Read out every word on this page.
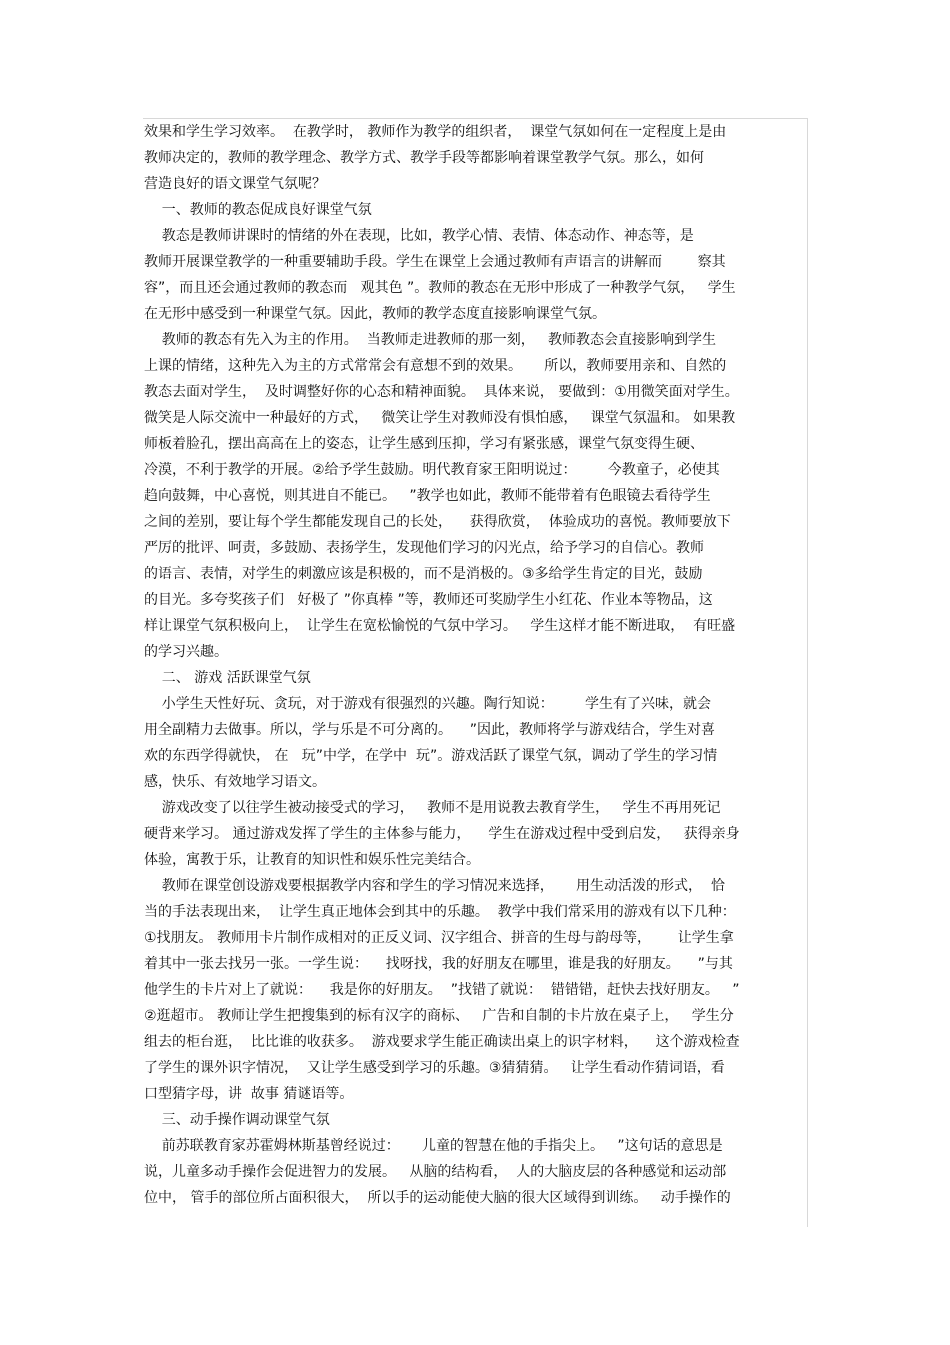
效果和学生学习效率。  在教学时， 教师作为教学的组织者，  课堂气氛如何在一定程度上是由
教师决定的，教师的教学理念、教学方式、教学手段等都影响着课堂教学气氛。那么，如何
营造良好的语文课堂气氛呢？
一、教师的教态促成良好课堂气氛
教态是教师讲课时的情绪的外在表现，比如，教学心情、表情、体态动作、神态等，是
教师开展课堂教学的一种重要辅助手段。学生在课堂上会通过教师有声语言的讲解而        察其
容”，而且还会通过教师的教态而   观其色 ”。教师的教态在无形中形成了一种教学气氛，   学生
在无形中感受到一种课堂气氛。因此，教师的教学态度直接影响课堂气氛。
教师的教态有先入为主的作用。  当教师走进教师的那一刻，   教师教态会直接影响到学生
上课的情绪，这种先入为主的方式常常会有意想不到的效果。     所以，教师要用亲和、自然的
教态去面对学生，  及时调整好你的心态和精神面貌。  具体来说， 要做到：①用微笑面对学生。
微笑是人际交流中一种最好的方式，   微笑让学生对教师没有惧怕感，   课堂气氛温和。 如果教
师板着脸孔，摆出高高在上的姿态，让学生感到压抑，学习有紧张感，课堂气氛变得生硬、
冷漠，不利于教学的开展。②给予学生鼓励。明代教育家王阳明说过：       今教童子，必使其
趋向鼓舞，中心喜悦，则其进自不能已。   ”教学也如此，教师不能带着有色眼镜去看待学生
之间的差别，要让每个学生都能发现自己的长处，    获得欣赏，  体验成功的喜悦。教师要放下
严厉的批评、呵责，多鼓励、表扬学生，发现他们学习的闪光点，给予学习的自信心。教师
的语言、表情，对学生的刺激应该是积极的，而不是消极的。③多给学生肯定的目光，鼓励
的目光。多夸奖孩子们   好极了 ”你真棒 ”等，教师还可奖励学生小红花、作业本等物品，这
样让课堂气氛积极向上，  让学生在宽松愉悦的气氛中学习。   学生这样才能不断进取，  有旺盛
的学习兴趣。
二、 游戏 活跃课堂气氛
小学生天性好玩、贪玩，对于游戏有很强烈的兴趣。陶行知说：       学生有了兴味，就会
用全副精力去做事。所以，学与乐是不可分离的。    ”因此，教师将学与游戏结合，学生对喜
欢的东西学得就快， 在   玩”中学，在学中  玩”。游戏活跃了课堂气氛，调动了学生的学习情
感，快乐、有效地学习语文。
游戏改变了以往学生被动接受式的学习，   教师不是用说教去教育学生，   学生不再用死记
硬背来学习。 通过游戏发挥了学生的主体参与能力，    学生在游戏过程中受到启发，   获得亲身
体验，寓教于乐，让教育的知识性和娱乐性完美结合。
教师在课堂创设游戏要根据教学内容和学生的学习情况来选择，     用生动活泼的形式，  恰
当的手法表现出来，  让学生真正地体会到其中的乐趣。  教学中我们常采用的游戏有以下几种：
①找朋友。 教师用卡片制作成相对的正反义词、汉字组合、拼音的生母与韵母等，      让学生拿
着其中一张去找另一张。一学生说：    找呀找，我的好朋友在哪里，谁是我的好朋友。    ”与其
他学生的卡片对上了就说：    我是你的好朋友。  ”找错了就说：  错错错，赶快去找好朋友。   ”
②逛超市。 教师让学生把搜集到的标有汉字的商标、   广告和自制的卡片放在桌子上，   学生分
组去的柜台逛，  比比谁的收获多。  游戏要求学生能正确读出桌上的识字材料，    这个游戏检查
了学生的课外识字情况，  又让学生感受到学习的乐趣。③猜猜猜。   让学生看动作猜词语，看
口型猜字母，讲  故事 猜谜语等。
三、动手操作调动课堂气氛
前苏联教育家苏霍姆林斯基曾经说过：     儿童的智慧在他的手指尖上。   ”这句话的意思是
说，儿童多动手操作会促进智力的发展。   从脑的结构看，  人的大脑皮层的各种感觉和运动部
位中， 管手的部位所占面积很大，  所以手的运动能使大脑的很大区域得到训练。   动手操作的
